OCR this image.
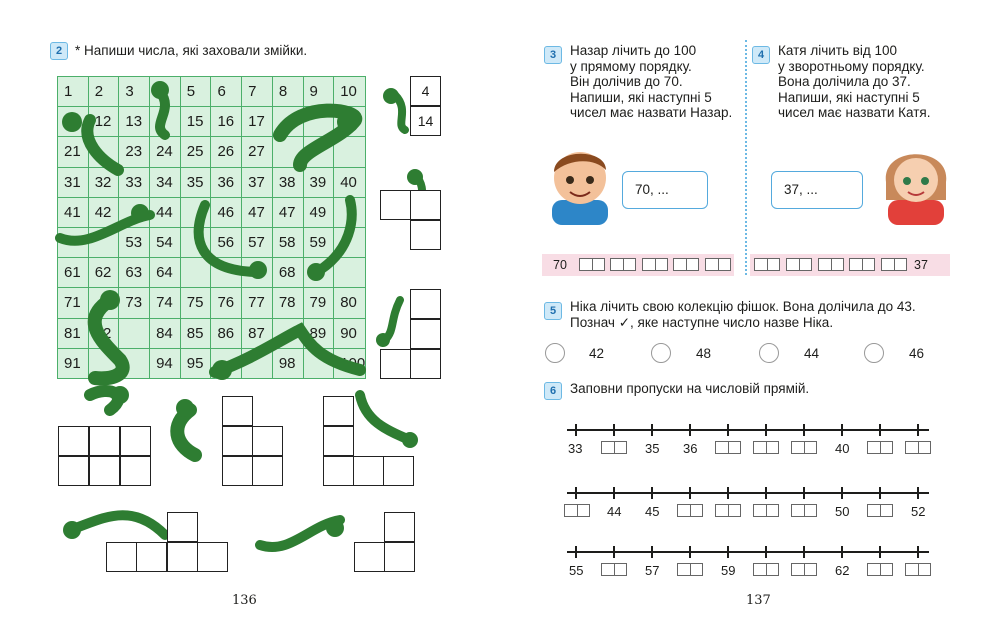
2 * Напиши числа, які заховали змійки.
1	2	3		5	6	7	8	9	10
	12	13		15	16	17			
21		23	24	25	26	27			
31	32	33	34	35	36	37	38	39	40
41	42		44		46	47	47	49	
		53	54		56	57	58	59	
61	62	63	64				68		
71		73	74	75	76	77	78	79	80
81	82		84	85	86	87		89	90
91			94	95			98		100
4
14
136
3	Назар лічить до 100
у прямому порядку.
Він долічив до 70.
Напиши, які наступні 5
чисел має назвати Назар.
4	Катя лічить від 100
у зворотньому порядку.
Вона долічила до 37.
Напиши, які наступні 5
чисел має назвати Катя.
70, ...	37, ...
70	37
5	Ніка лічить свою колекцію фішок. Вона долічила до 43.
Познач ✓, яке наступне число назве Ніка.
42	48	44	46
6	Заповни пропуски на числовій прямій.
33	35 36	40
44 45	50	52
55	57	59	62
137
